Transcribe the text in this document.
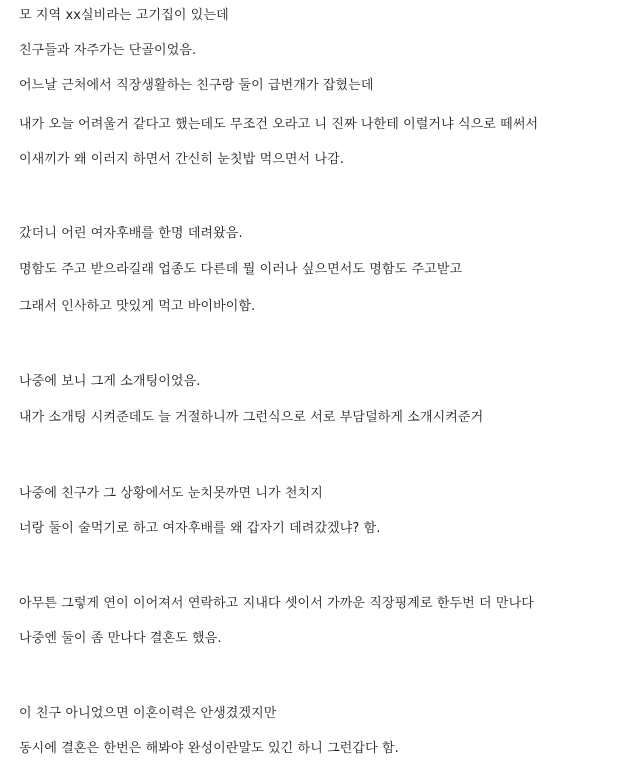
모 지역 xx실비라는 고기집이 있는데
친구들과 자주가는 단골이었음.
어느날 근처에서 직장생활하는 친구랑 둘이 급번개가 잡혔는데
내가 오늘 어려울거 같다고 했는데도 무조건 오라고 니 진짜 나한테 이럴거냐 식으로 떼써서
이새끼가 왜 이러지 하면서 간신히 눈칫밥 먹으면서 나감.
갔더니 어린 여자후배를 한명 데려왔음.
명함도 주고 받으라길래 업종도 다른데 뭘 이러나 싶으면서도 명함도 주고받고
그래서 인사하고 맛있게 먹고 바이바이함.
나중에 보니 그게 소개팅이었음.
내가 소개팅 시켜준데도 늘 거절하니까 그런식으로 서로 부담덜하게 소개시켜준거
나중에 친구가 그 상황에서도 눈치못까면 니가 천치지
너랑 둘이 술먹기로 하고 여자후배를 왜 갑자기 데려갔겠냐? 함.
아무튼 그렇게 연이 이어져서 연락하고 지내다 셋이서 가까운 직장핑계로 한두번 더 만나다
나중엔 둘이 좀 만나다 결혼도 했음.
이 친구 아니었으면 이혼이력은 안생겼겠지만
동시에 결혼은 한번은 해봐야 완성이란말도 있긴 하니 그런갑다 함.
